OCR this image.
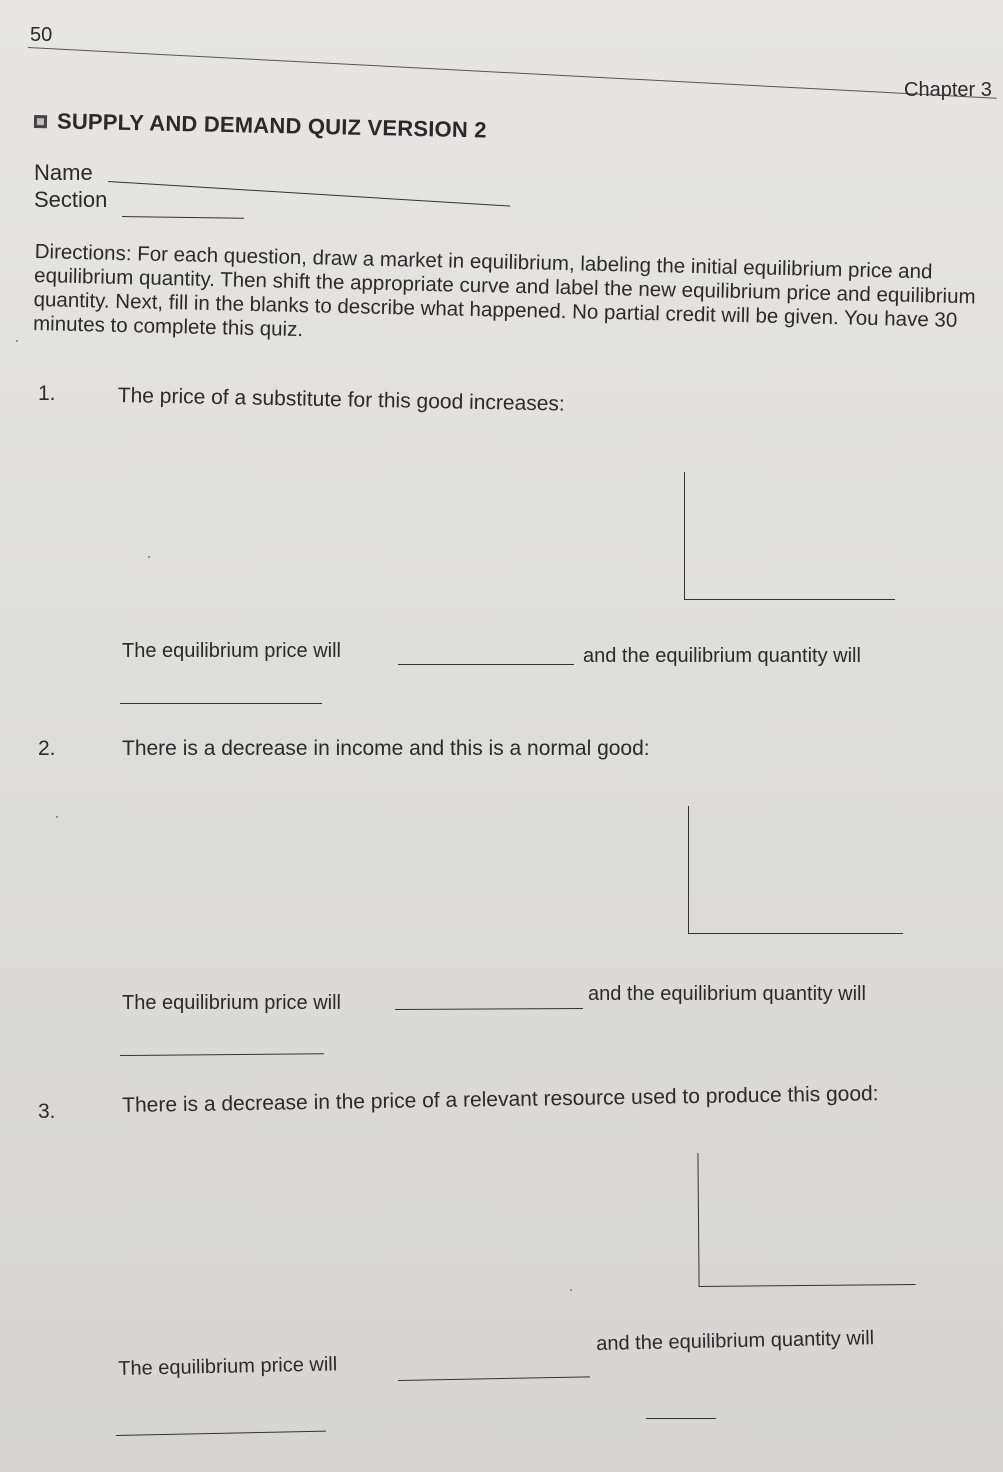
50
Chapter 3
SUPPLY AND DEMAND QUIZ VERSION 2
Name
Section
Directions: For each question, draw a market in equilibrium, labeling the initial equilibrium price and equilibrium quantity. Then shift the appropriate curve and label the new equilibrium price and equilibrium quantity. Next, fill in the blanks to describe what happened. No partial credit will be given. You have 30 minutes to complete this quiz.
1.	The price of a substitute for this good increases:
The equilibrium price will	and the equilibrium quantity will
2.	There is a decrease in income and this is a normal good:
The equilibrium price will	and the equilibrium quantity will
3.	There is a decrease in the price of a relevant resource used to produce this good:
The equilibrium price will
and the equilibrium quantity will
